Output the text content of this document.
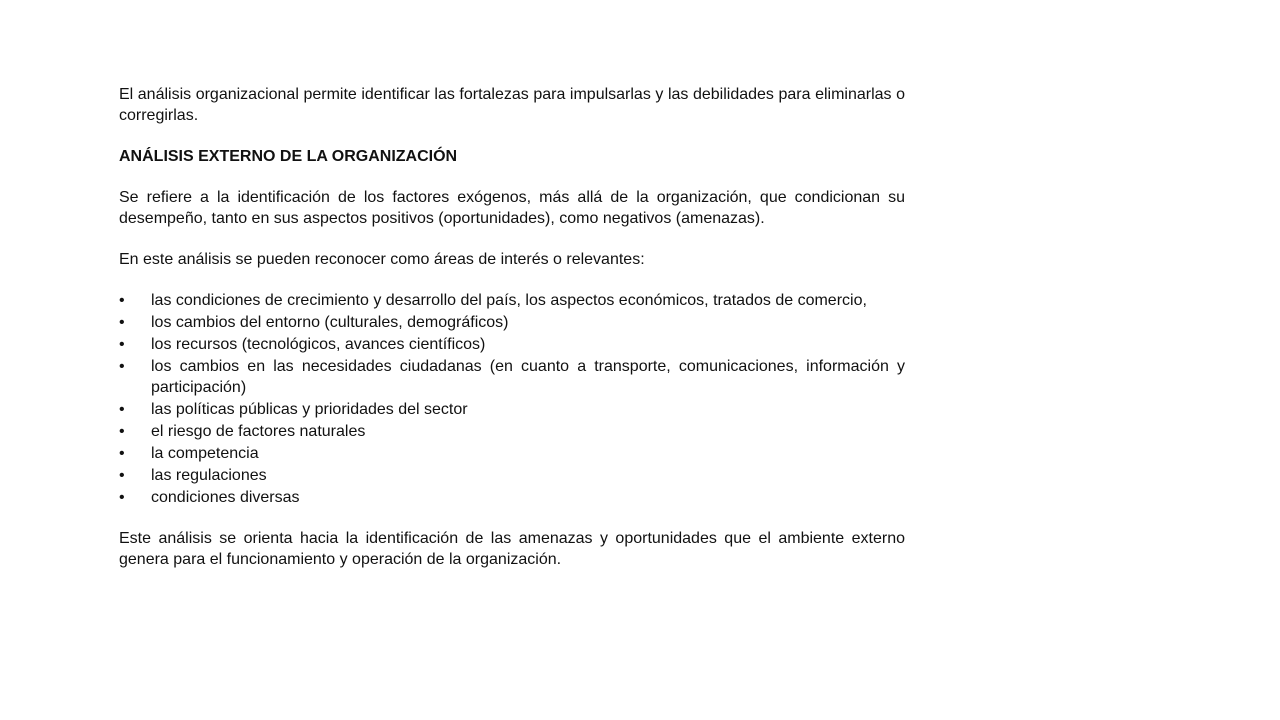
El análisis organizacional permite identificar las fortalezas para impulsarlas y las debilidades para eliminarlas o corregirlas.

ANÁLISIS EXTERNO DE LA ORGANIZACIÓN

Se refiere a la identificación de los factores exógenos, más allá de la organización, que condicionan su desempeño, tanto en sus aspectos positivos (oportunidades), como negativos (amenazas).

En este análisis se pueden reconocer como áreas de interés o relevantes:

•	las condiciones de crecimiento y desarrollo del país, los aspectos económicos, tratados de comercio,
•	los cambios del entorno (culturales, demográficos)
•	los recursos (tecnológicos, avances científicos)
•	los cambios en las necesidades ciudadanas (en cuanto a transporte, comunicaciones, información y participación)
•	las políticas públicas y prioridades del sector
•	el riesgo de factores naturales
•	la competencia
•	las regulaciones
•	condiciones diversas

Este análisis se orienta hacia la identificación de las amenazas y oportunidades que el ambiente externo genera para el funcionamiento y operación de la organización.
